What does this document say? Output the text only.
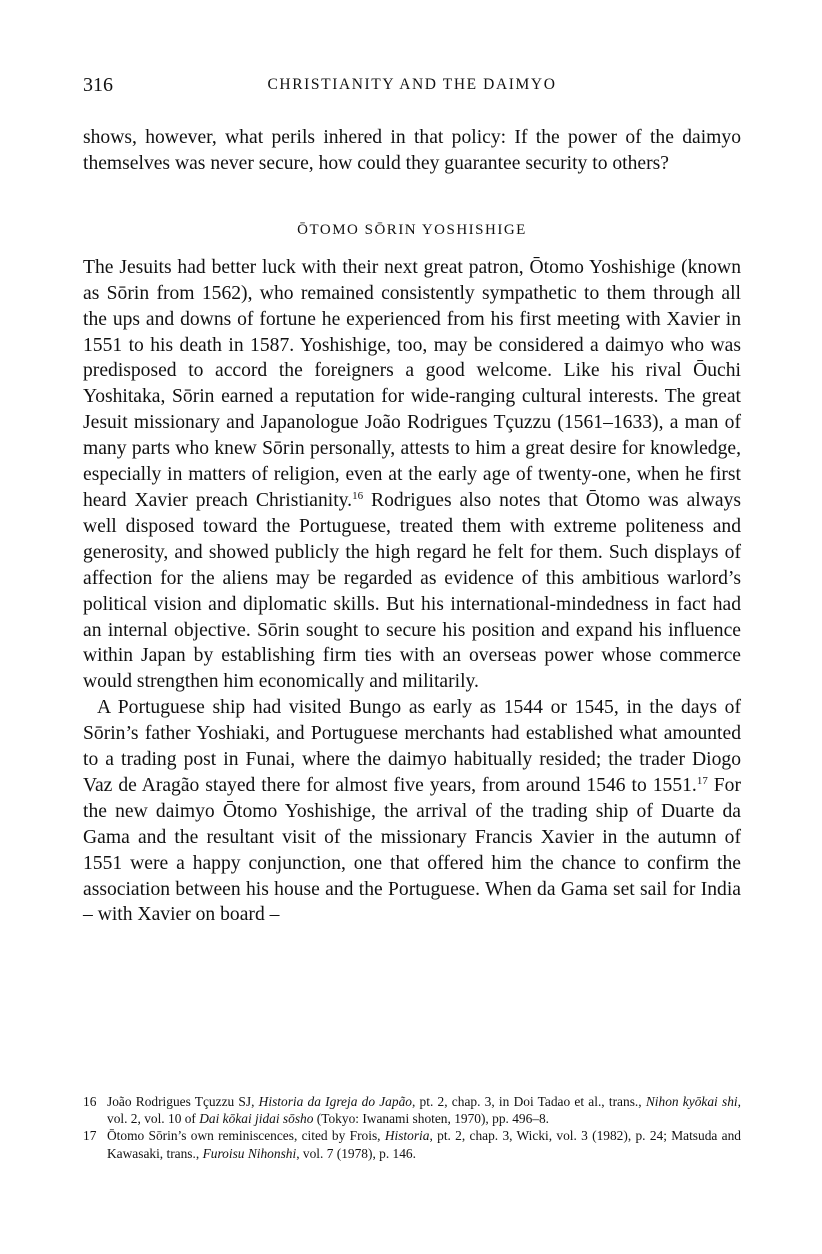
316	CHRISTIANITY AND THE DAIMYO

shows, however, what perils inhered in that policy: If the power of the daimyo themselves was never secure, how could they guarantee security to others?

ŌTOMO SŌRIN YOSHISHIGE

The Jesuits had better luck with their next great patron, Ōtomo Yoshishige (known as Sōrin from 1562), who remained consistently sympathetic to them through all the ups and downs of fortune he experienced from his first meeting with Xavier in 1551 to his death in 1587. Yoshishige, too, may be considered a daimyo who was predisposed to accord the foreigners a good welcome. Like his rival Ōuchi Yoshitaka, Sōrin earned a reputation for wide-ranging cultural interests. The great Jesuit missionary and Japanologue João Rodrigues Tçuzzu (1561–1633), a man of many parts who knew Sōrin personally, attests to him a great desire for knowledge, especially in matters of religion, even at the early age of twenty-one, when he first heard Xavier preach Christianity.$^{16}$ Rodrigues also notes that Ōtomo was always well disposed toward the Portuguese, treated them with extreme politeness and generosity, and showed publicly the high regard he felt for them. Such displays of affection for the aliens may be regarded as evidence of this ambitious warlord’s political vision and diplomatic skills. But his international-mindedness in fact had an internal objective. Sōrin sought to secure his position and expand his influence within Japan by establishing firm ties with an overseas power whose commerce would strengthen him economically and militarily.

A Portuguese ship had visited Bungo as early as 1544 or 1545, in the days of Sōrin’s father Yoshiaki, and Portuguese merchants had established what amounted to a trading post in Funai, where the daimyo habitually resided; the trader Diogo Vaz de Aragão stayed there for almost five years, from around 1546 to 1551.17 For the new daimyo Ōtomo Yoshishige, the arrival of the trading ship of Duarte da Gama and the resultant visit of the missionary Francis Xavier in the autumn of 1551 were a happy conjunction, one that offered him the chance to confirm the association between his house and the Portuguese. When da Gama set sail for India – with Xavier on board –

16 João Rodrigues Tçuzzu SJ, Historia da Igreja do Japão, pt. 2, chap. 3, in Doi Tadao et al., trans., Nihon kyōkai shi, vol. 2, vol. 10 of Dai kōkai jidai sōsho (Tokyo: Iwanami shoten, 1970), pp. 496–8.
17 Ōtomo Sōrin’s own reminiscences, cited by Frois, Historia, pt. 2, chap. 3, Wicki, vol. 3 (1982), p. 24; Matsuda and Kawasaki, trans., Furoisu Nihonshi, vol. 7 (1978), p. 146.
